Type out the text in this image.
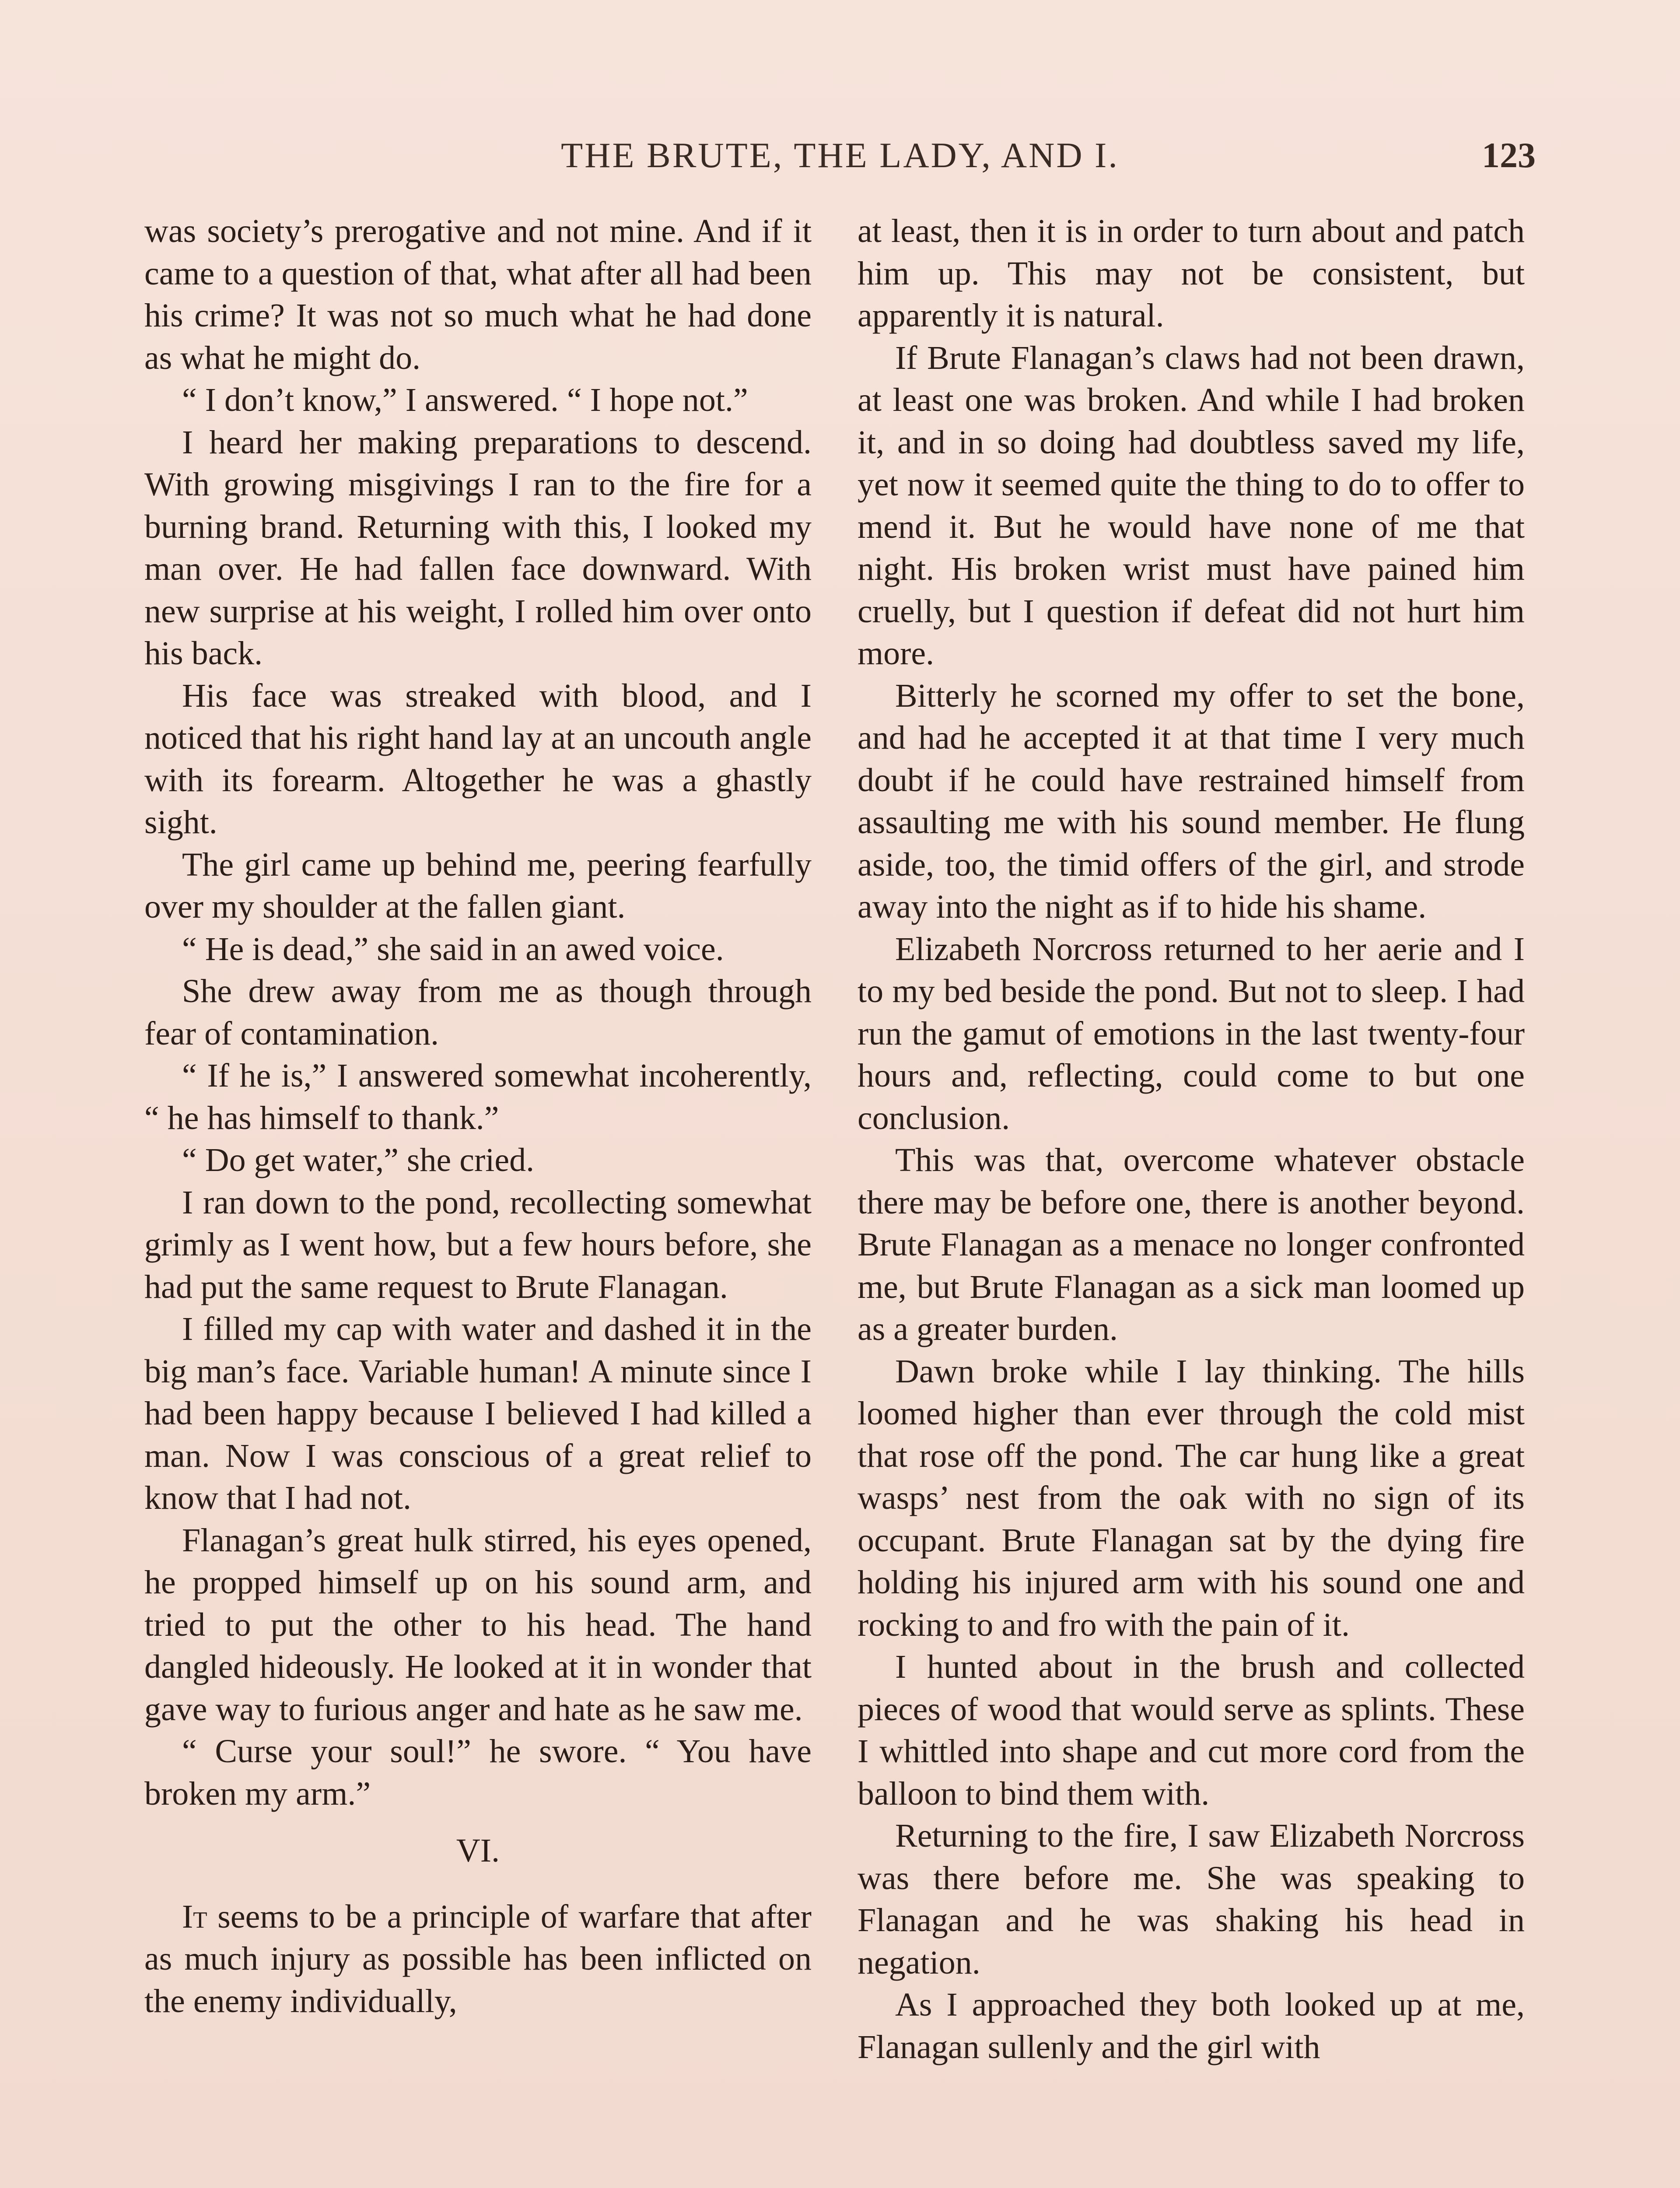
THE BRUTE, THE LADY, AND I.	123

was society’s prerogative and not mine. And if it came to a question of that, what after all had been his crime? It was not so much what he had done as what he might do.

“ I don’t know,” I answered. “ I hope not.”

I heard her making preparations to descend. With growing misgivings I ran to the fire for a burning brand. Returning with this, I looked my man over. He had fallen face downward. With new surprise at his weight, I rolled him over onto his back.

His face was streaked with blood, and I noticed that his right hand lay at an uncouth angle with its forearm. Altogether he was a ghastly sight.

The girl came up behind me, peering fearfully over my shoulder at the fallen giant.

“ He is dead,” she said in an awed voice.

She drew away from me as though through fear of contamination.

“ If he is,” I answered somewhat incoherently, “ he has himself to thank.”

“ Do get water,” she cried.

I ran down to the pond, recollecting somewhat grimly as I went how, but a few hours before, she had put the same request to Brute Flanagan.

I filled my cap with water and dashed it in the big man’s face. Variable human! A minute since I had been happy because I believed I had killed a man. Now I was conscious of a great relief to know that I had not.

Flanagan’s great hulk stirred, his eyes opened, he propped himself up on his sound arm, and tried to put the other to his head. The hand dangled hideously. He looked at it in wonder that gave way to furious anger and hate as he saw me.

“ Curse your soul!” he swore. “ You have broken my arm.”

VI.

It seems to be a principle of warfare that after as much injury as possible has been inflicted on the enemy individually,

at least, then it is in order to turn about and patch him up. This may not be consistent, but apparently it is natural.

If Brute Flanagan’s claws had not been drawn, at least one was broken. And while I had broken it, and in so doing had doubtless saved my life, yet now it seemed quite the thing to do to offer to mend it. But he would have none of me that night. His broken wrist must have pained him cruelly, but I question if defeat did not hurt him more.

Bitterly he scorned my offer to set the bone, and had he accepted it at that time I very much doubt if he could have restrained himself from assaulting me with his sound member. He flung aside, too, the timid offers of the girl, and strode away into the night as if to hide his shame.

Elizabeth Norcross returned to her aerie and I to my bed beside the pond. But not to sleep. I had run the gamut of emotions in the last twenty-four hours and, reflecting, could come to but one conclusion.

This was that, overcome whatever obstacle there may be before one, there is another beyond. Brute Flanagan as a menace no longer confronted me, but Brute Flanagan as a sick man loomed up as a greater burden.

Dawn broke while I lay thinking. The hills loomed higher than ever through the cold mist that rose off the pond. The car hung like a great wasps’ nest from the oak with no sign of its occupant. Brute Flanagan sat by the dying fire holding his injured arm with his sound one and rocking to and fro with the pain of it.

I hunted about in the brush and collected pieces of wood that would serve as splints. These I whittled into shape and cut more cord from the balloon to bind them with.

Returning to the fire, I saw Elizabeth Norcross was there before me. She was speaking to Flanagan and he was shaking his head in negation.

As I approached they both looked up at me, Flanagan sullenly and the girl with
